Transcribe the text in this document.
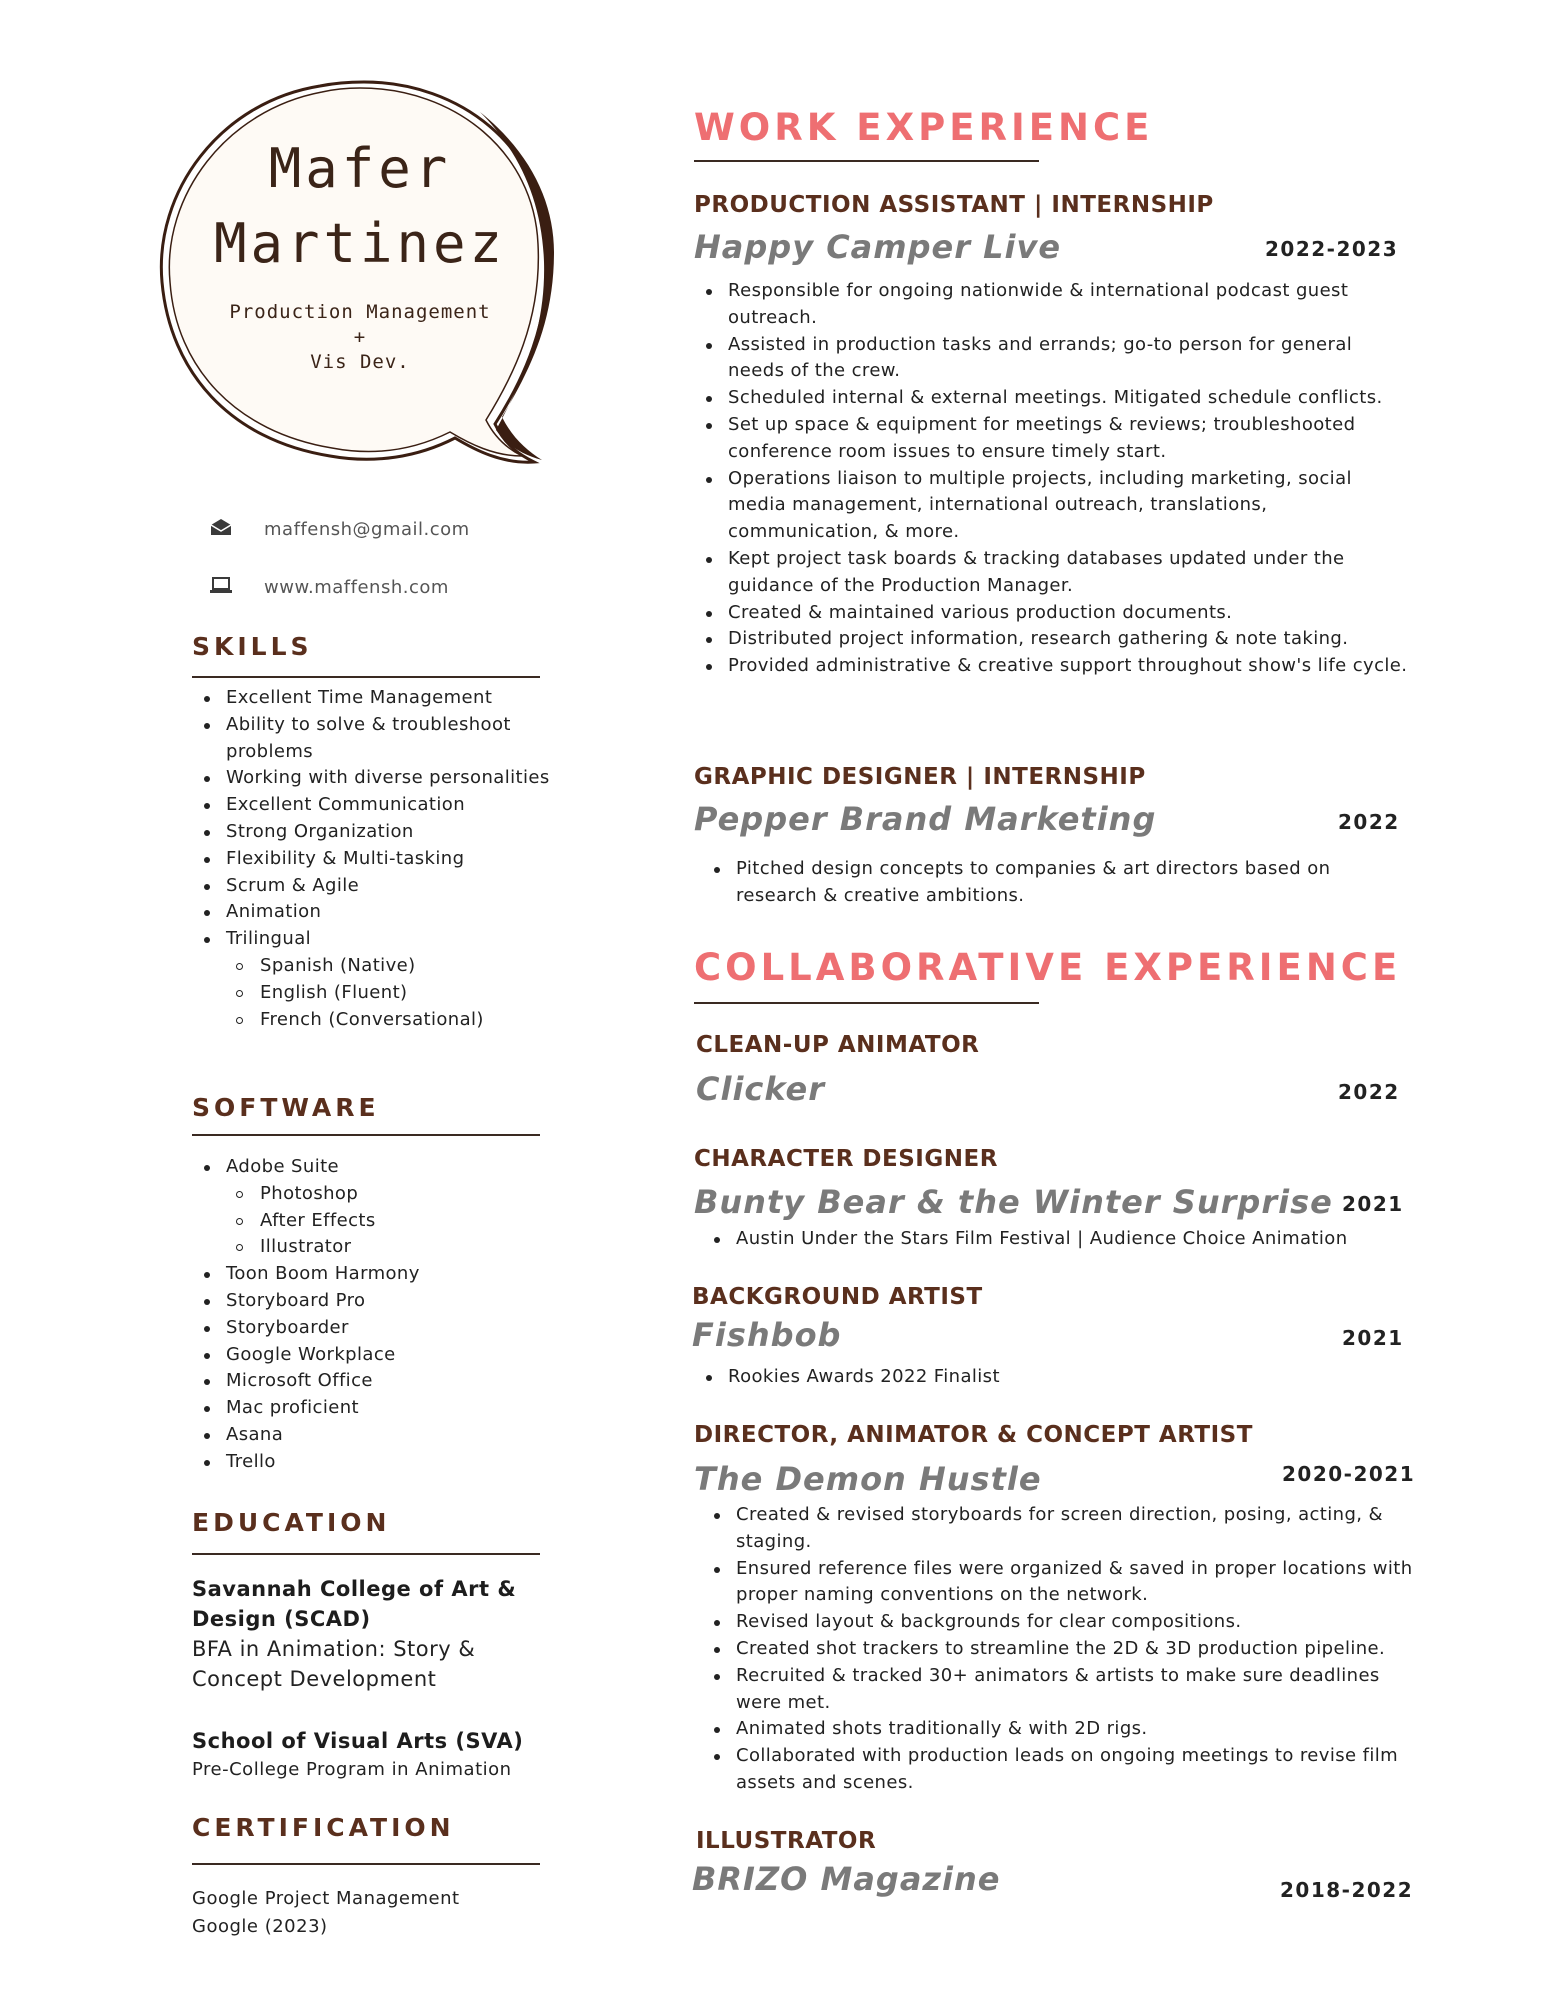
Mafer
Martinez
Production Management
+
Vis Dev.
maffensh@gmail.com
www.maffensh.com
SKILLS
Excellent Time Management
Ability to solve & troubleshoot problems
Working with diverse personalities
Excellent Communication
Strong Organization
Flexibility & Multi-tasking
Scrum & Agile
Animation
Trilingual
Spanish (Native)
English (Fluent)
French (Conversational)
SOFTWARE
Adobe Suite
Photoshop
After Effects
Illustrator
Toon Boom Harmony
Storyboard Pro
Storyboarder
Google Workplace
Microsoft Office
Mac proficient
Asana
Trello
EDUCATION
Savannah College of Art & Design (SCAD)
BFA in Animation: Story & Concept Development
School of Visual Arts (SVA)
Pre-College Program in Animation
CERTIFICATION
Google Project Management
Google (2023)
WORK EXPERIENCE
PRODUCTION ASSISTANT | INTERNSHIP
Happy Camper Live	2022-2023
Responsible for ongoing nationwide & international podcast guest outreach.
Assisted in production tasks and errands; go-to person for general needs of the crew.
Scheduled internal & external meetings. Mitigated schedule conflicts.
Set up space & equipment for meetings & reviews; troubleshooted conference room issues to ensure timely start.
Operations liaison to multiple projects, including marketing, social media management, international outreach, translations, communication, & more.
Kept project task boards & tracking databases updated under the guidance of the Production Manager.
Created & maintained various production documents.
Distributed project information, research gathering & note taking.
Provided administrative & creative support throughout show's life cycle.
GRAPHIC DESIGNER | INTERNSHIP
Pepper Brand Marketing	2022
Pitched design concepts to companies & art directors based on research & creative ambitions.
COLLABORATIVE EXPERIENCE
CLEAN-UP ANIMATOR
Clicker	2022
CHARACTER DESIGNER
Bunty Bear & the Winter Surprise 2021
Austin Under the Stars Film Festival | Audience Choice Animation
BACKGROUND ARTIST
Fishbob	2021
Rookies Awards 2022 Finalist
DIRECTOR, ANIMATOR & CONCEPT ARTIST
The Demon Hustle	2020-2021
Created & revised storyboards for screen direction, posing, acting, & staging.
Ensured reference files were organized & saved in proper locations with proper naming conventions on the network.
Revised layout & backgrounds for clear compositions.
Created shot trackers to streamline the 2D & 3D production pipeline.
Recruited & tracked 30+ animators & artists to make sure deadlines were met.
Animated shots traditionally & with 2D rigs.
Collaborated with production leads on ongoing meetings to revise film assets and scenes.
ILLUSTRATOR
BRIZO Magazine	2018-2022
